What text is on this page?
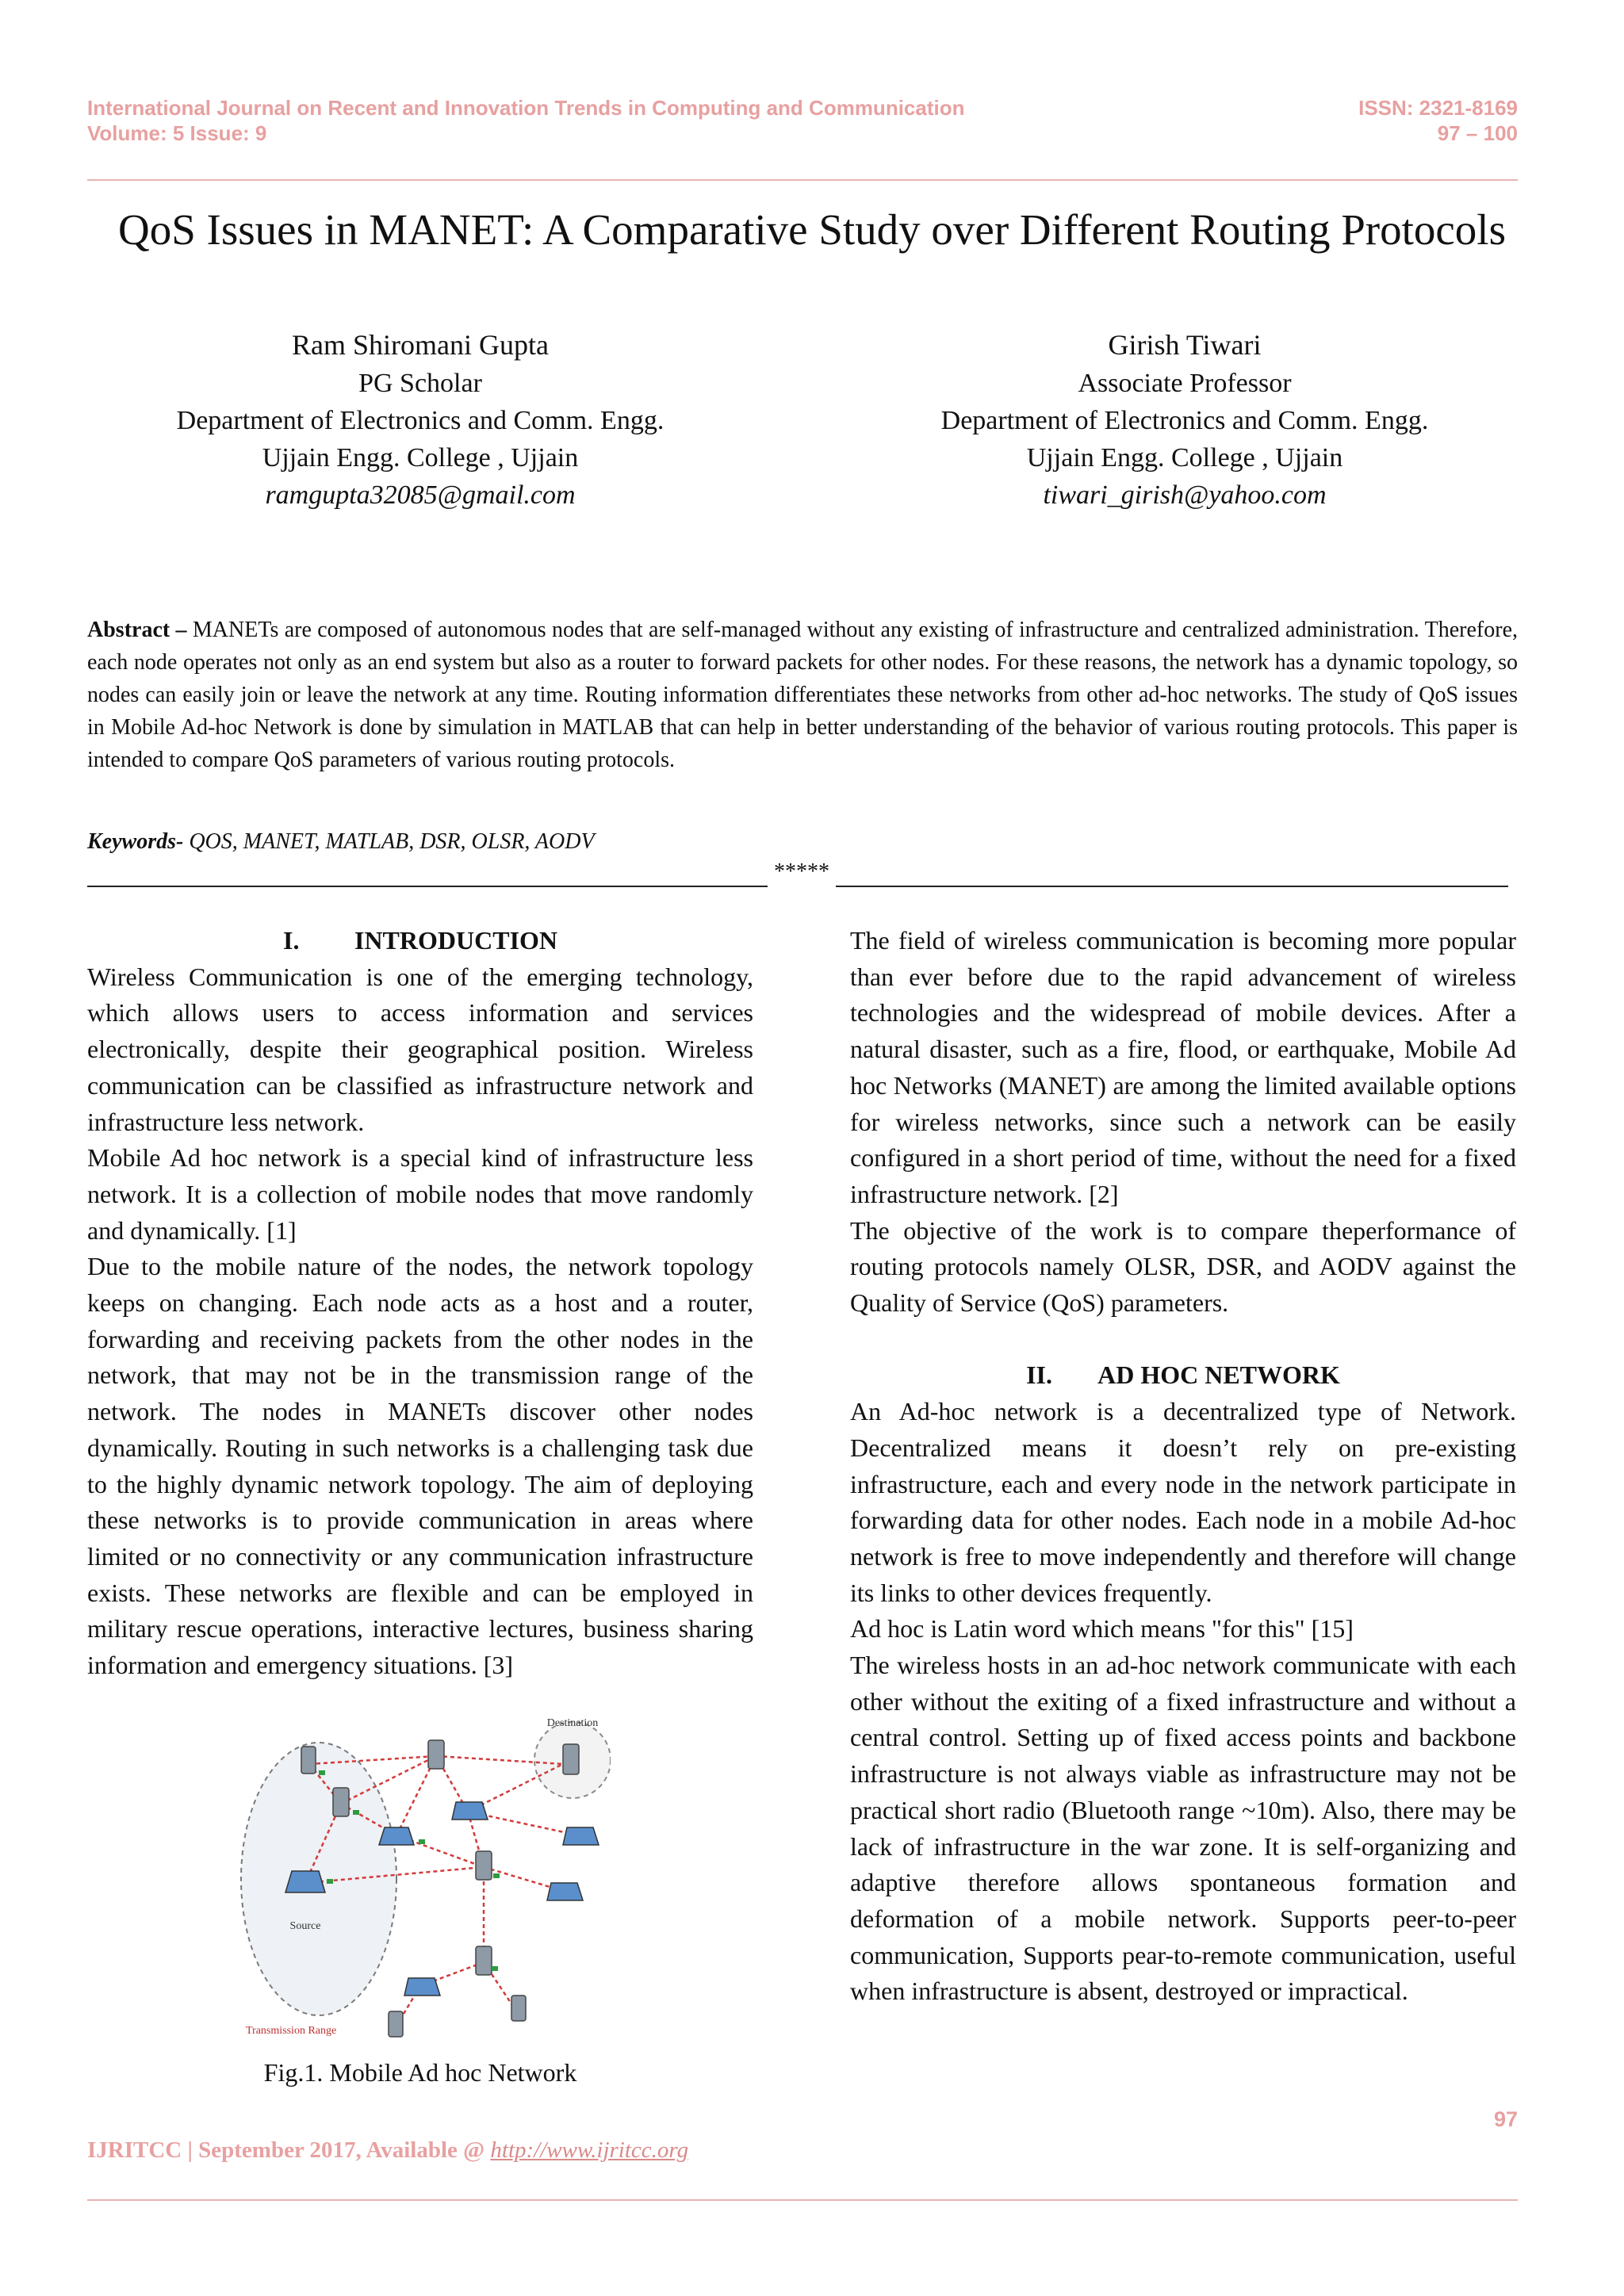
International Journal on Recent and Innovation Trends in Computing and Communication
Volume: 5 Issue: 9
ISSN: 2321-8169
97 – 100
QoS Issues in MANET: A Comparative Study over Different Routing Protocols
Ram Shiromani Gupta
PG Scholar
Department of Electronics and Comm. Engg.
Ujjain Engg. College , Ujjain
ramgupta32085@gmail.com
Girish Tiwari
Associate Professor
Department of Electronics and Comm. Engg.
Ujjain Engg. College , Ujjain
tiwari_girish@yahoo.com
Abstract – MANETs are composed of autonomous nodes that are self-managed without any existing of infrastructure and centralized administration. Therefore, each node operates not only as an end system but also as a router to forward packets for other nodes. For these reasons, the network has a dynamic topology, so nodes can easily join or leave the network at any time. Routing information differentiates these networks from other ad-hoc networks. The study of QoS issues in Mobile Ad-hoc Network is done by simulation in MATLAB that can help in better understanding of the behavior of various routing protocols. This paper is intended to compare QoS parameters of various routing protocols.
Keywords- QOS, MANET, MATLAB, DSR, OLSR, AODV
*****

I. INTRODUCTION

Wireless Communication is one of the emerging technology, which allows users to access information and services electronically, despite their geographical position. Wireless communication can be classified as infrastructure network and infrastructure less network.

Mobile Ad hoc network is a special kind of infrastructure less network. It is a collection of mobile nodes that move randomly and dynamically. [1]

Due to the mobile nature of the nodes, the network topology keeps on changing. Each node acts as a host and a router, forwarding and receiving packets from the other nodes in the network, that may not be in the transmission range of the network. The nodes in MANETs discover other nodes dynamically. Routing in such networks is a challenging task due to the highly dynamic network topology. The aim of deploying these networks is to provide communication in areas where limited or no connectivity or any communication infrastructure exists. These networks are flexible and can be employed in military rescue operations, interactive lectures, business sharing information and emergency situations. [3]

The field of wireless communication is becoming more popular than ever before due to the rapid advancement of wireless technologies and the widespread of mobile devices. After a natural disaster, such as a fire, flood, or earthquake, Mobile Ad hoc Networks (MANET) are among the limited available options for wireless networks, since such a network can be easily configured in a short period of time, without the need for a fixed infrastructure network. [2]

The objective of the work is to compare theperformance of routing protocols namely OLSR, DSR, and AODV against the Quality of Service (QoS) parameters.

II. AD HOC NETWORK

An Ad-hoc network is a decentralized type of Network. Decentralized means it doesn’t rely on pre-existing infrastructure, each and every node in the network participate in forwarding data for other nodes. Each node in a mobile Ad-hoc network is free to move independently and therefore will change its links to other devices frequently.

Ad hoc is Latin word which means "for this" [15]

The wireless hosts in an ad-hoc network communicate with each other without the exiting of a fixed infrastructure and without a central control. Setting up of fixed access points and backbone infrastructure is not always viable as infrastructure may not be practical short radio (Bluetooth range ~10m). Also, there may be lack of infrastructure in the war zone. It is self-organizing and adaptive therefore allows spontaneous formation and deformation of a mobile network. Supports peer-to-peer communication, Supports pear-to-remote communication, useful when infrastructure is absent, destroyed or impractical.

Destination
Source
Transmission Range
Fig.1. Mobile Ad hoc Network
97
IJRITCC | September 2017, Available @ http://www.ijritcc.org
